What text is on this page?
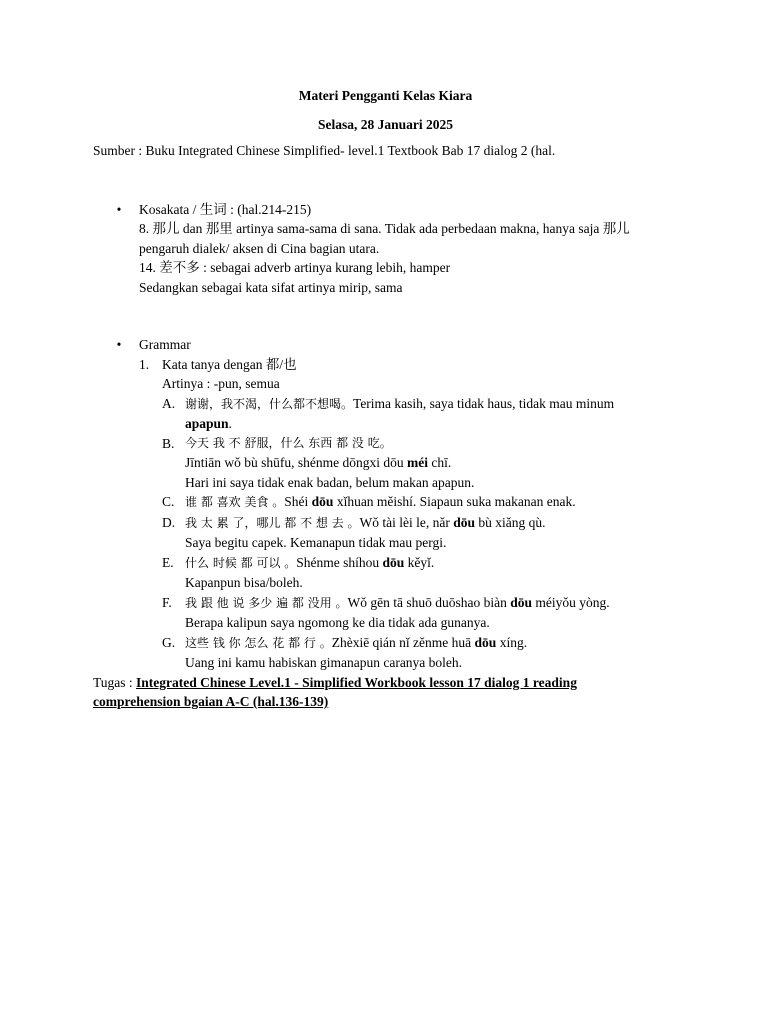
Materi Pengganti Kelas Kiara
Selasa, 28 Januari 2025
Sumber : Buku Integrated Chinese Simplified- level.1 Textbook Bab 17 dialog 2 (hal.
• Kosakata / 生词 : (hal.214-215)
8. 那儿 dan 那里 artinya sama-sama di sana. Tidak ada perbedaan makna, hanya saja 那儿
pengaruh dialek/ aksen di Cina bagian utara.
14. 差不多 : sebagai adverb artinya kurang lebih, hamper
Sedangkan sebagai kata sifat artinya mirip, sama
• Grammar
1. Kata tanya dengan 都/也
Artinya : -pun, semua
A. 谢谢，我不渴，什么都不想喝。Terima kasih, saya tidak haus, tidak mau minum
apapun.
B. 今天 我 不 舒服，什么 东西 都 没 吃。
Jīntiān wǒ bù shūfu, shénme dōngxi dōu méi chī.
Hari ini saya tidak enak badan, belum makan apapun.
C. 谁 都 喜欢 美食 。Shéi dōu xǐhuan měishí. Siapaun suka makanan enak.
D. 我 太 累 了，哪儿 都 不 想 去 。Wǒ tài lèi le, nǎr dōu bù xiǎng qù.
Saya begitu capek. Kemanapun tidak mau pergi.
E. 什么 时候 都 可以 。Shénme shíhou dōu kěyǐ.
Kapanpun bisa/boleh.
F. 我 跟 他 说 多少 遍 都 没用 。Wǒ gēn tā shuō duōshao biàn dōu méiyǒu yòng.
Berapa kalipun saya ngomong ke dia tidak ada gunanya.
G. 这些 钱 你 怎么 花 都 行 。Zhèxiē qián nǐ zěnme huā dōu xíng.
Uang ini kamu habiskan gimanapun caranya boleh.
Tugas : Integrated Chinese Level.1 - Simplified Workbook lesson 17 dialog 1 reading
comprehension bgaian A-C (hal.136-139)
